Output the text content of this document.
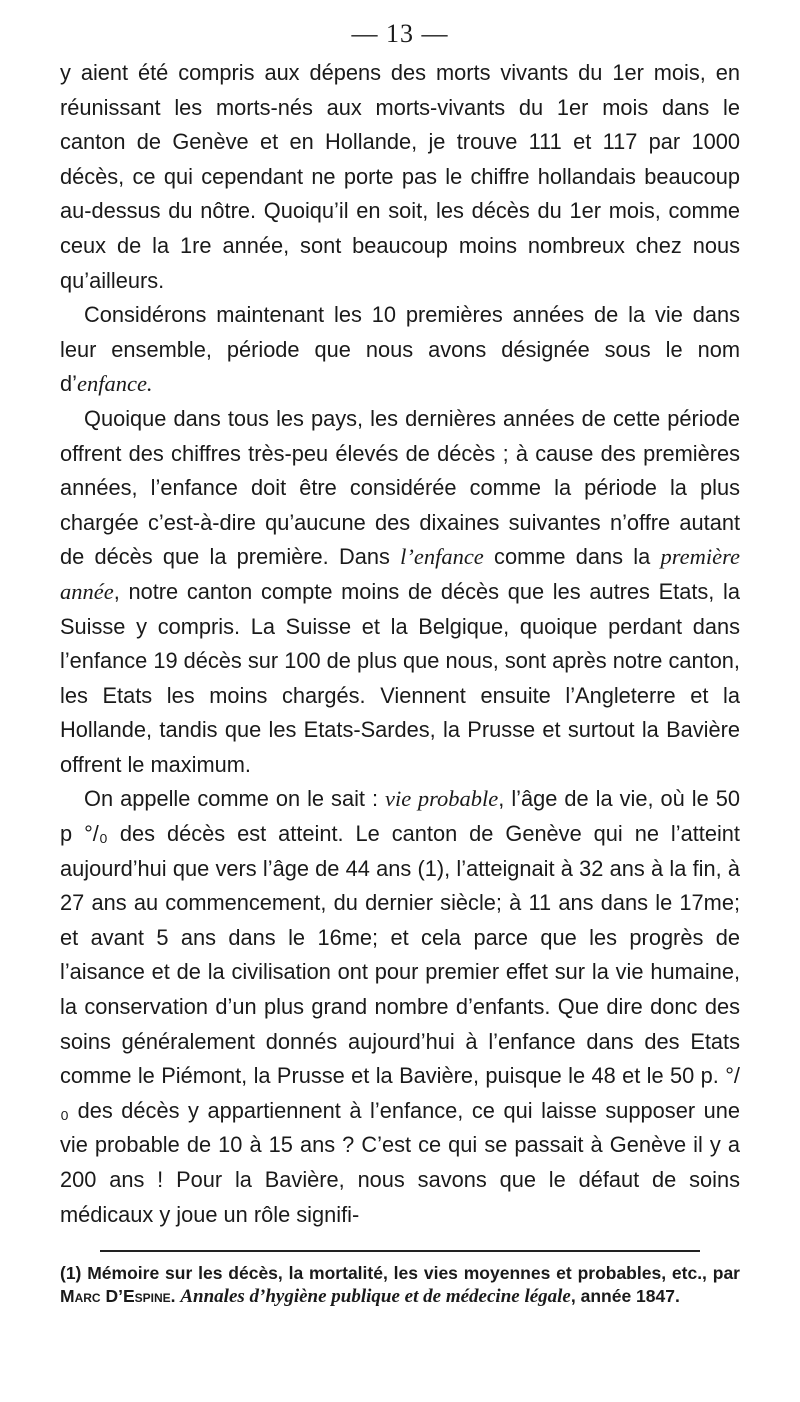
— 13 —

y aient été compris aux dépens des morts vivants du 1er mois, en réunissant les morts-nés aux morts-vivants du 1er mois dans le canton de Genève et en Hollande, je trouve 111 et 117 par 1000 décès, ce qui cependant ne porte pas le chiffre hollandais beaucoup au-dessus du nôtre. Quoiqu’il en soit, les décès du 1er mois, comme ceux de la 1re année, sont beaucoup moins nombreux chez nous qu’ailleurs.

Considérons maintenant les 10 premières années de la vie dans leur ensemble, période que nous avons désignée sous le nom d’enfance.

Quoique dans tous les pays, les dernières années de cette période offrent des chiffres très-peu élevés de décès ; à cause des premières années, l’enfance doit être considérée comme la période la plus chargée c’est-à-dire qu’aucune des dixaines suivantes n’offre autant de décès que la première. Dans l’enfance comme dans la première année, notre canton compte moins de décès que les autres Etats, la Suisse y compris. La Suisse et la Belgique, quoique perdant dans l’enfance 19 décès sur 100 de plus que nous, sont après notre canton, les Etats les moins chargés. Viennent ensuite l’Angleterre et la Hollande, tandis que les Etats-Sardes, la Prusse et surtout la Bavière offrent le maximum.

On appelle comme on le sait : vie probable, l’âge de la vie, où le 50 p °/₀ des décès est atteint. Le canton de Genève qui ne l’atteint aujourd’hui que vers l’âge de 44 ans (1), l’atteignait à 32 ans à la fin, à 27 ans au commencement, du dernier siècle; à 11 ans dans le 17me; et avant 5 ans dans le 16me; et cela parce que les progrès de l’aisance et de la civilisation ont pour premier effet sur la vie humaine, la conservation d’un plus grand nombre d’enfants. Que dire donc des soins généralement donnés aujourd’hui à l’enfance dans des Etats comme le Piémont, la Prusse et la Bavière, puisque le 48 et le 50 p. °/₀ des décès y appartiennent à l’enfance, ce qui laisse supposer une vie probable de 10 à 15 ans ? C’est ce qui se passait à Genève il y a 200 ans ! Pour la Bavière, nous savons que le défaut de soins médicaux y joue un rôle signifi-

(1) Mémoire sur les décès, la mortalité, les vies moyennes et probables, etc., par Marc D’Espine. Annales d’hygiène publique et de médecine légale, année 1847.
